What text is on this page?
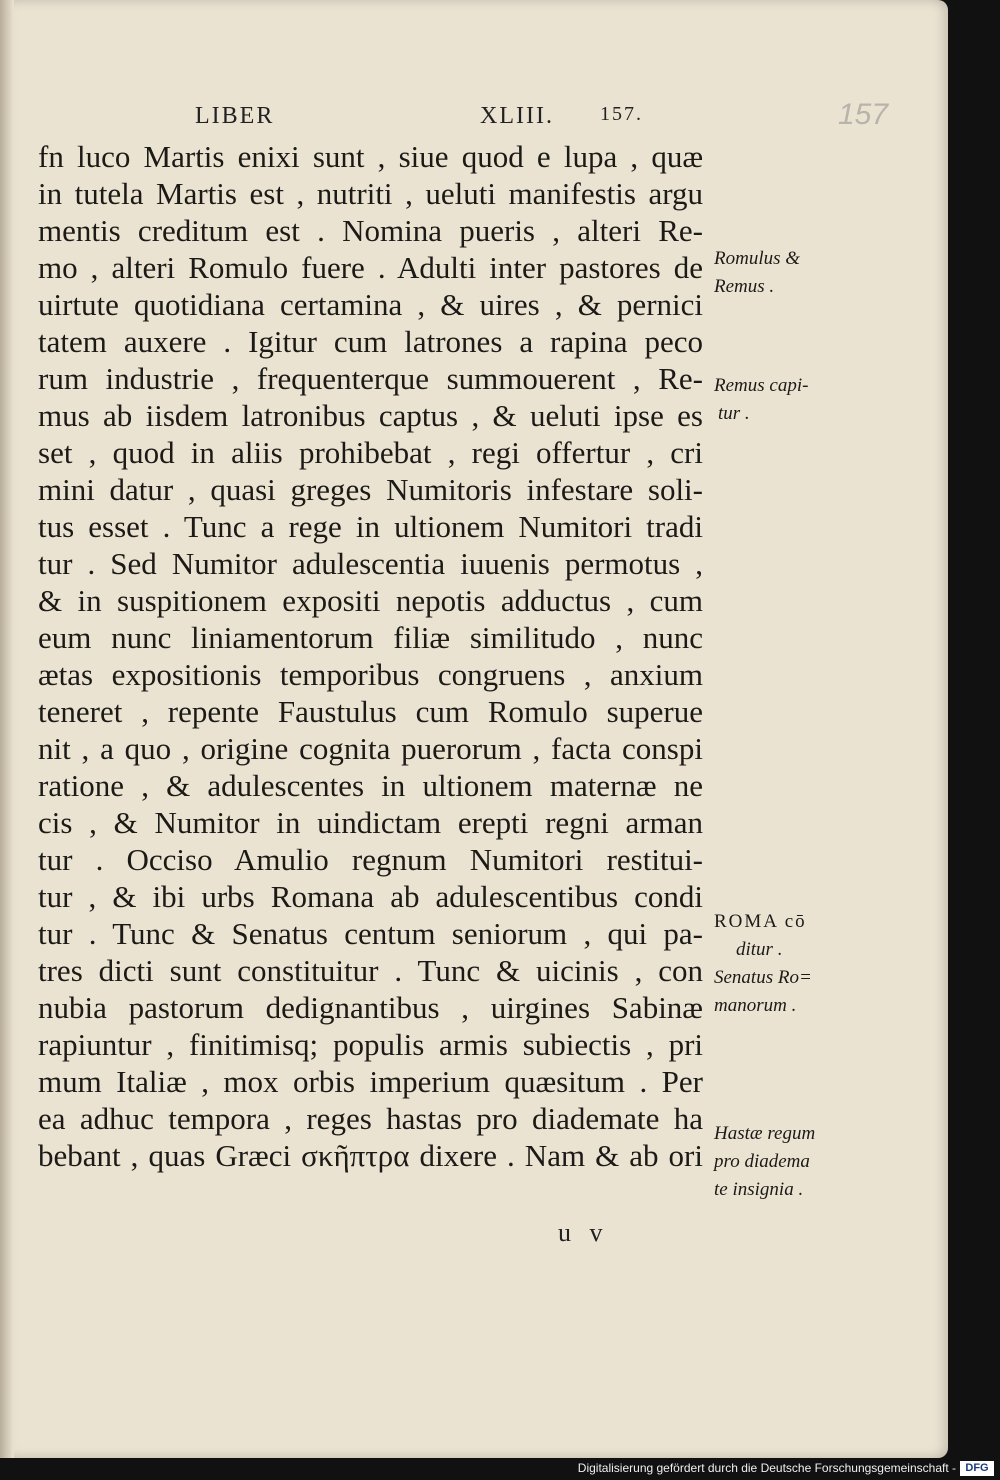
LIBER	XLIII. 157.	157
fn luco Martis enixi sunt , siue quod e lupa , quæ
in tutela Martis est , nutriti , ueluti manifestis argu
mentis creditum est . Nomina pueris , alteri Re-
mo , alteri Romulo fuere . Adulti inter pastores de
uirtute quotidiana certamina , & uires , & pernici
tatem auxere . Igitur cum latrones a rapina peco
rum industrie , frequenterque summouerent , Re-
mus ab iisdem latronibus captus , & ueluti ipse es
set , quod in aliis prohibebat , regi offertur , cri
mini datur , quasi greges Numitoris infestare soli-
tus esset . Tunc a rege in ultionem Numitori tradi
tur . Sed Numitor adulescentia iuuenis permotus ,
& in suspitionem expositi nepotis adductus , cum
eum nunc liniamentorum filiæ similitudo , nunc
ætas expositionis temporibus congruens , anxium
teneret , repente Faustulus cum Romulo superue
nit , a quo , origine cognita puerorum , facta conspi
ratione , & adulescentes in ultionem maternæ ne
cis , & Numitor in uindictam erepti regni arman
tur . Occiso Amulio regnum Numitori restitui-
tur , & ibi urbs Romana ab adulescentibus condi
tur . Tunc & Senatus centum seniorum , qui pa-
tres dicti sunt constituitur . Tunc & uicinis , con
nubia pastorum dedignantibus , uirgines Sabinæ
rapiuntur , finitimisq; populis armis subiectis , pri
mum Italiæ , mox orbis imperium quæsitum . Per
ea adhuc tempora , reges hastas pro diademate ha
bebant , quas Græci σκῆπτρα dixere . Nam & ab ori
Romulus &
Remus .
Remus capi-
tur .
ROMA cō
ditur .
Senatus Ro=
manorum .
Hastæ regum
pro diadema
te insignia .
u v
Digitalisierung gefördert durch die Deutsche Forschungsgemeinschaft - DFG
